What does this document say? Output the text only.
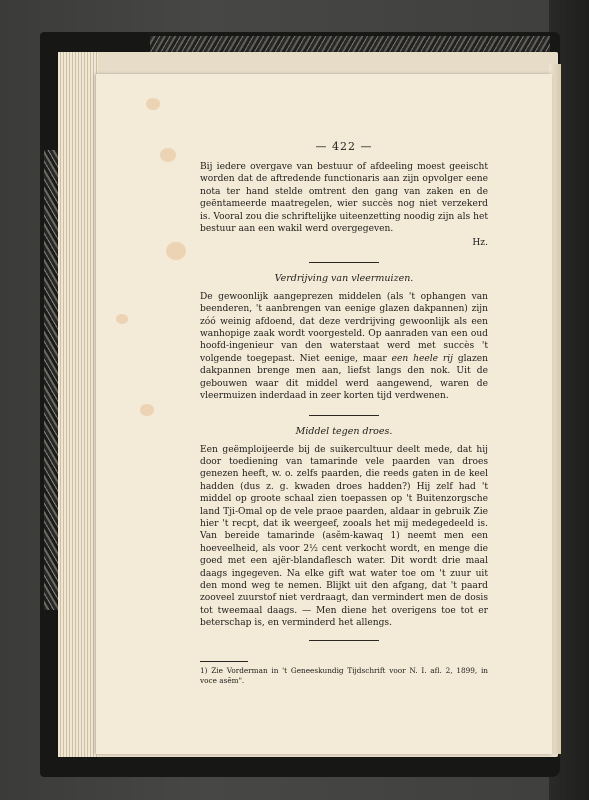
— 422 —

Bij iedere overgave van bestuur of afdeeling moest geeischt worden dat de aftredende functionaris aan zijn opvolger eene nota ter hand stelde omtrent den gang van zaken en de geëntameerde maatregelen, wier succès nog niet verzekerd is. Vooral zou die schriftelijke uiteenzetting noodig zijn als het bestuur aan een wakil werd overgegeven.

Hz.

Verdrijving van vleermuizen.

De gewoonlijk aangeprezen middelen (als 't ophangen van beenderen, 't aanbrengen van eenige glazen dakpannen) zijn zóó weinig afdoend, dat deze verdrijving gewoonlijk als een wanhopige zaak wordt voorgesteld. Op aanraden van een oud hoofd-ingenieur van den waterstaat werd met succès 't volgende toegepast. Niet eenige, maar een heele rij glazen dakpannen brenge men aan, liefst langs den nok. Uit de gebouwen waar dit middel werd aangewend, waren de vleermuizen inderdaad in zeer korten tijd verdwenen.

Middel tegen droes.

Een geëmploijeerde bij de suikercultuur deelt mede, dat hij door toediening van tamarinde vele paarden van droes genezen heeft, w. o. zelfs paarden, die reeds gaten in de keel hadden (dus z. g. kwaden droes hadden?) Hij zelf had 't middel op groote schaal zien toepassen op 't Buitenzorgsche land Tji-Omal op de vele praoe paarden, aldaar in gebruik Zie hier 't recpt, dat ik weergeef, zooals het mij medegedeeld is. Van bereide tamarinde (asĕm-kawaq 1) neemt men een hoeveelheid, als voor 2½ cent verkocht wordt, en menge die goed met een ajër-blandaflesch water. Dit wordt drie maal daags ingegeven. Na elke gift wat water toe om 't zuur uit den mond weg te nemen. Blijkt uit den afgang, dat 't paard zooveel zuurstof niet verdraagt, dan vermindert men de dosis tot tweemaal daags. — Men diene het overigens toe tot er beterschap is, en verminderd het allengs.

1) Zie Vorderman in 't Geneeskundig Tijdschrift voor N. I. afl. 2, 1899, in voce asĕm".
